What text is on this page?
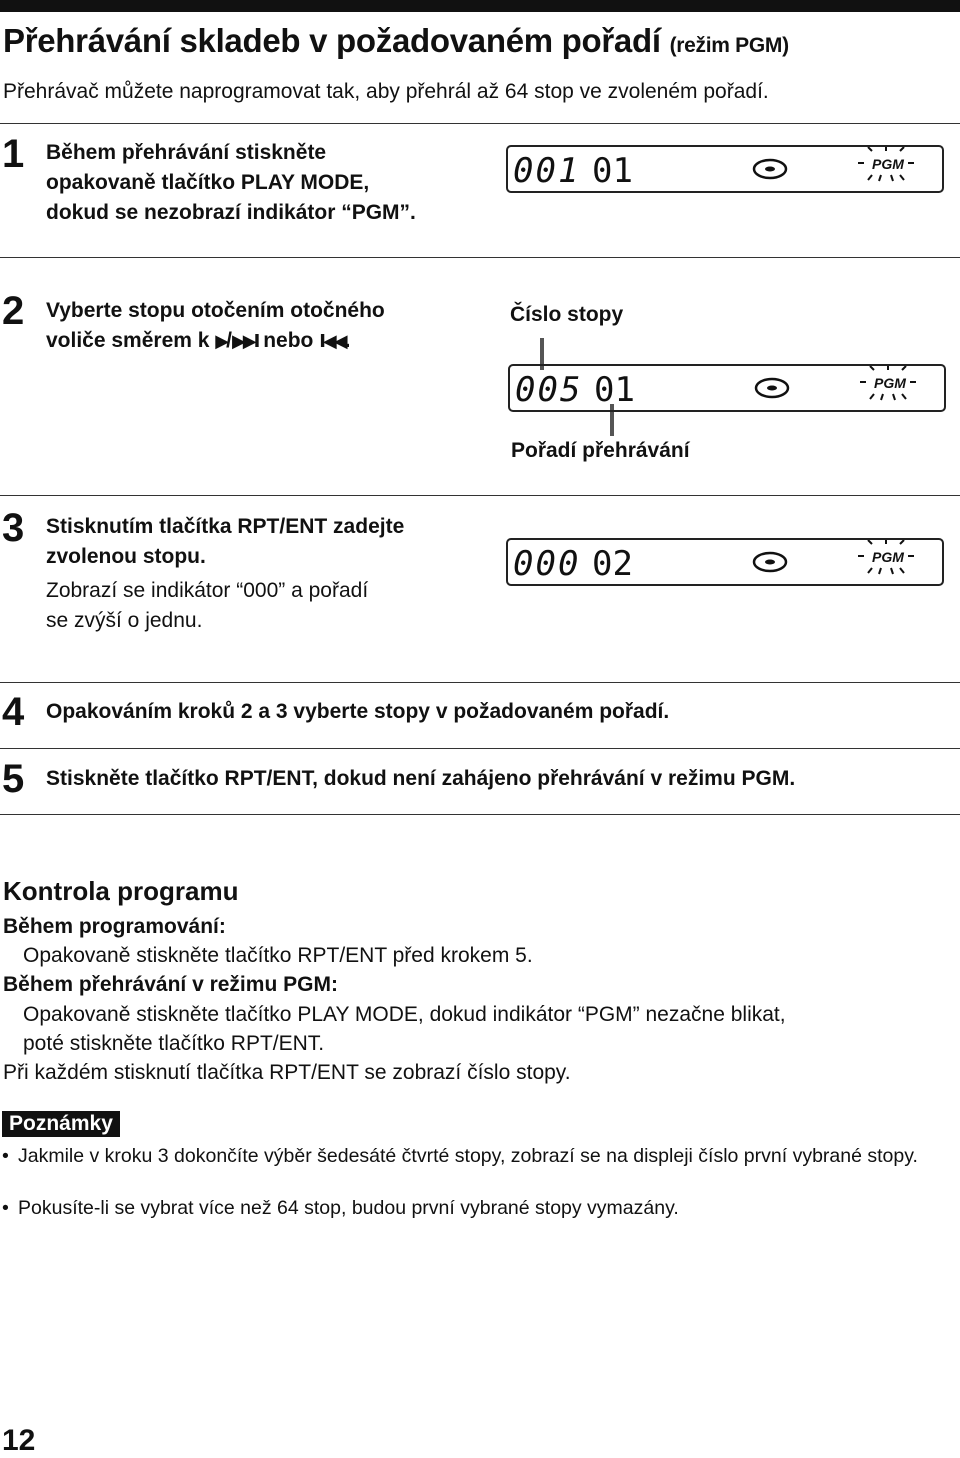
Přehrávání skladeb v požadovaném pořadí (režim PGM)
Přehrávač můžete naprogramovat tak, aby přehrál až 64 stop ve zvoleném pořadí.
1 Během přehrávání stiskněte
opakovaně tlačítko PLAY MODE,
dokud se nezobrazí indikátor “PGM”.
001 01	PGM
2 Vyberte stopu otočením otočného
voliče směrem k ▶/▶▶I nebo I◀◀.
Číslo stopy
005 01	PGM
Pořadí přehrávání
3 Stisknutím tlačítka RPT/ENT zadejte
zvolenou stopu.
Zobrazí se indikátor “000” a pořadí
se zvýší o jednu.
000 02	PGM
4 Opakováním kroků 2 a 3 vyberte stopy v požadovaném pořadí.
5 Stiskněte tlačítko RPT/ENT, dokud není zahájeno přehrávání v režimu PGM.
Kontrola programu
Během programování:
Opakovaně stiskněte tlačítko RPT/ENT před krokem 5.
Během přehrávání v režimu PGM:
Opakovaně stiskněte tlačítko PLAY MODE, dokud indikátor “PGM” nezačne blikat,
poté stiskněte tlačítko RPT/ENT.
Při každém stisknutí tlačítka RPT/ENT se zobrazí číslo stopy.
Poznámky
• Jakmile v kroku 3 dokončíte výběr šedesáté čtvrté stopy, zobrazí se na displeji číslo první vybrané stopy.
• Pokusíte-li se vybrat více než 64 stop, budou první vybrané stopy vymazány.
12
